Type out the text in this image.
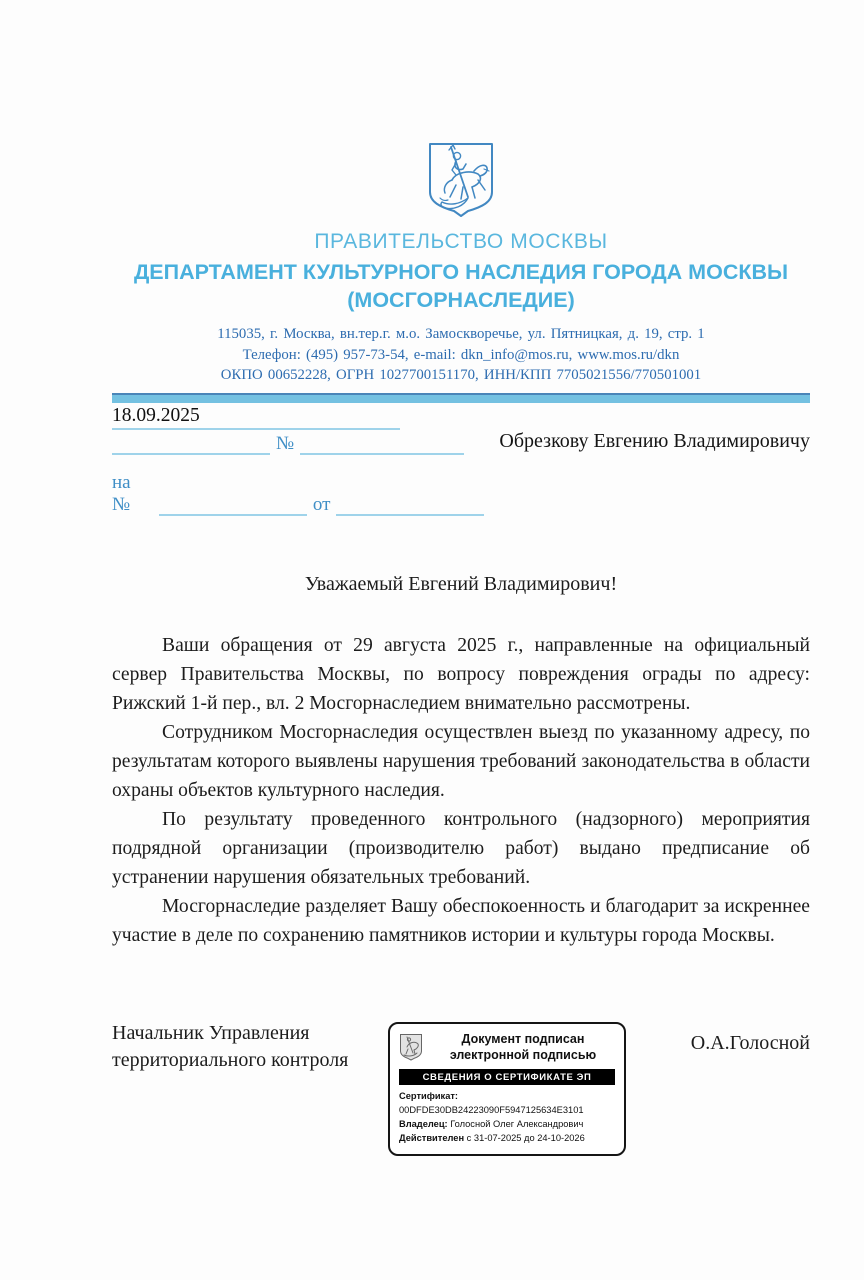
ПРАВИТЕЛЬСТВО МОСКВЫ
ДЕПАРТАМЕНТ КУЛЬТУРНОГО НАСЛЕДИЯ ГОРОДА МОСКВЫ
(МОСГОРНАСЛЕДИЕ)
115035, г. Москва, вн.тер.г. м.о. Замоскворечье, ул. Пятницкая, д. 19, стр. 1
Телефон: (495) 957-73-54, e-mail: dkn_info@mos.ru, www.mos.ru/dkn
ОКПО 00652228, ОГРН 1027700151170, ИНН/КПП 7705021556/770501001
18.09.2025
№
на №	от
Обрезкову Евгению Владимировичу
Уважаемый Евгений Владимирович!

Ваши обращения от 29 августа 2025 г., направленные на официальный сервер Правительства Москвы, по вопросу повреждения ограды по адресу: Рижский 1-й пер., вл. 2 Мосгорнаследием внимательно рассмотрены.

Сотрудником Мосгорнаследия осуществлен выезд по указанному адресу, по результатам которого выявлены нарушения требований законодательства в области охраны объектов культурного наследия.

По результату проведенного контрольного (надзорного) мероприятия подрядной организации (производителю работ) выдано предписание об устранении нарушения обязательных требований.

Мосгорнаследие разделяет Вашу обеспокоенность и благодарит за искреннее участие в деле по сохранению памятников истории и культуры города Москвы.

Начальник Управления
территориального контроля
Документ подписан
электронной подписью
СВЕДЕНИЯ О СЕРТИФИКАТЕ ЭП
Сертификат: 00DFDE30DB24223090F5947125634E3101
Владелец: Голосной Олег Александрович
Действителен с 31-07-2025 до 24-10-2026
О.А.Голосной
